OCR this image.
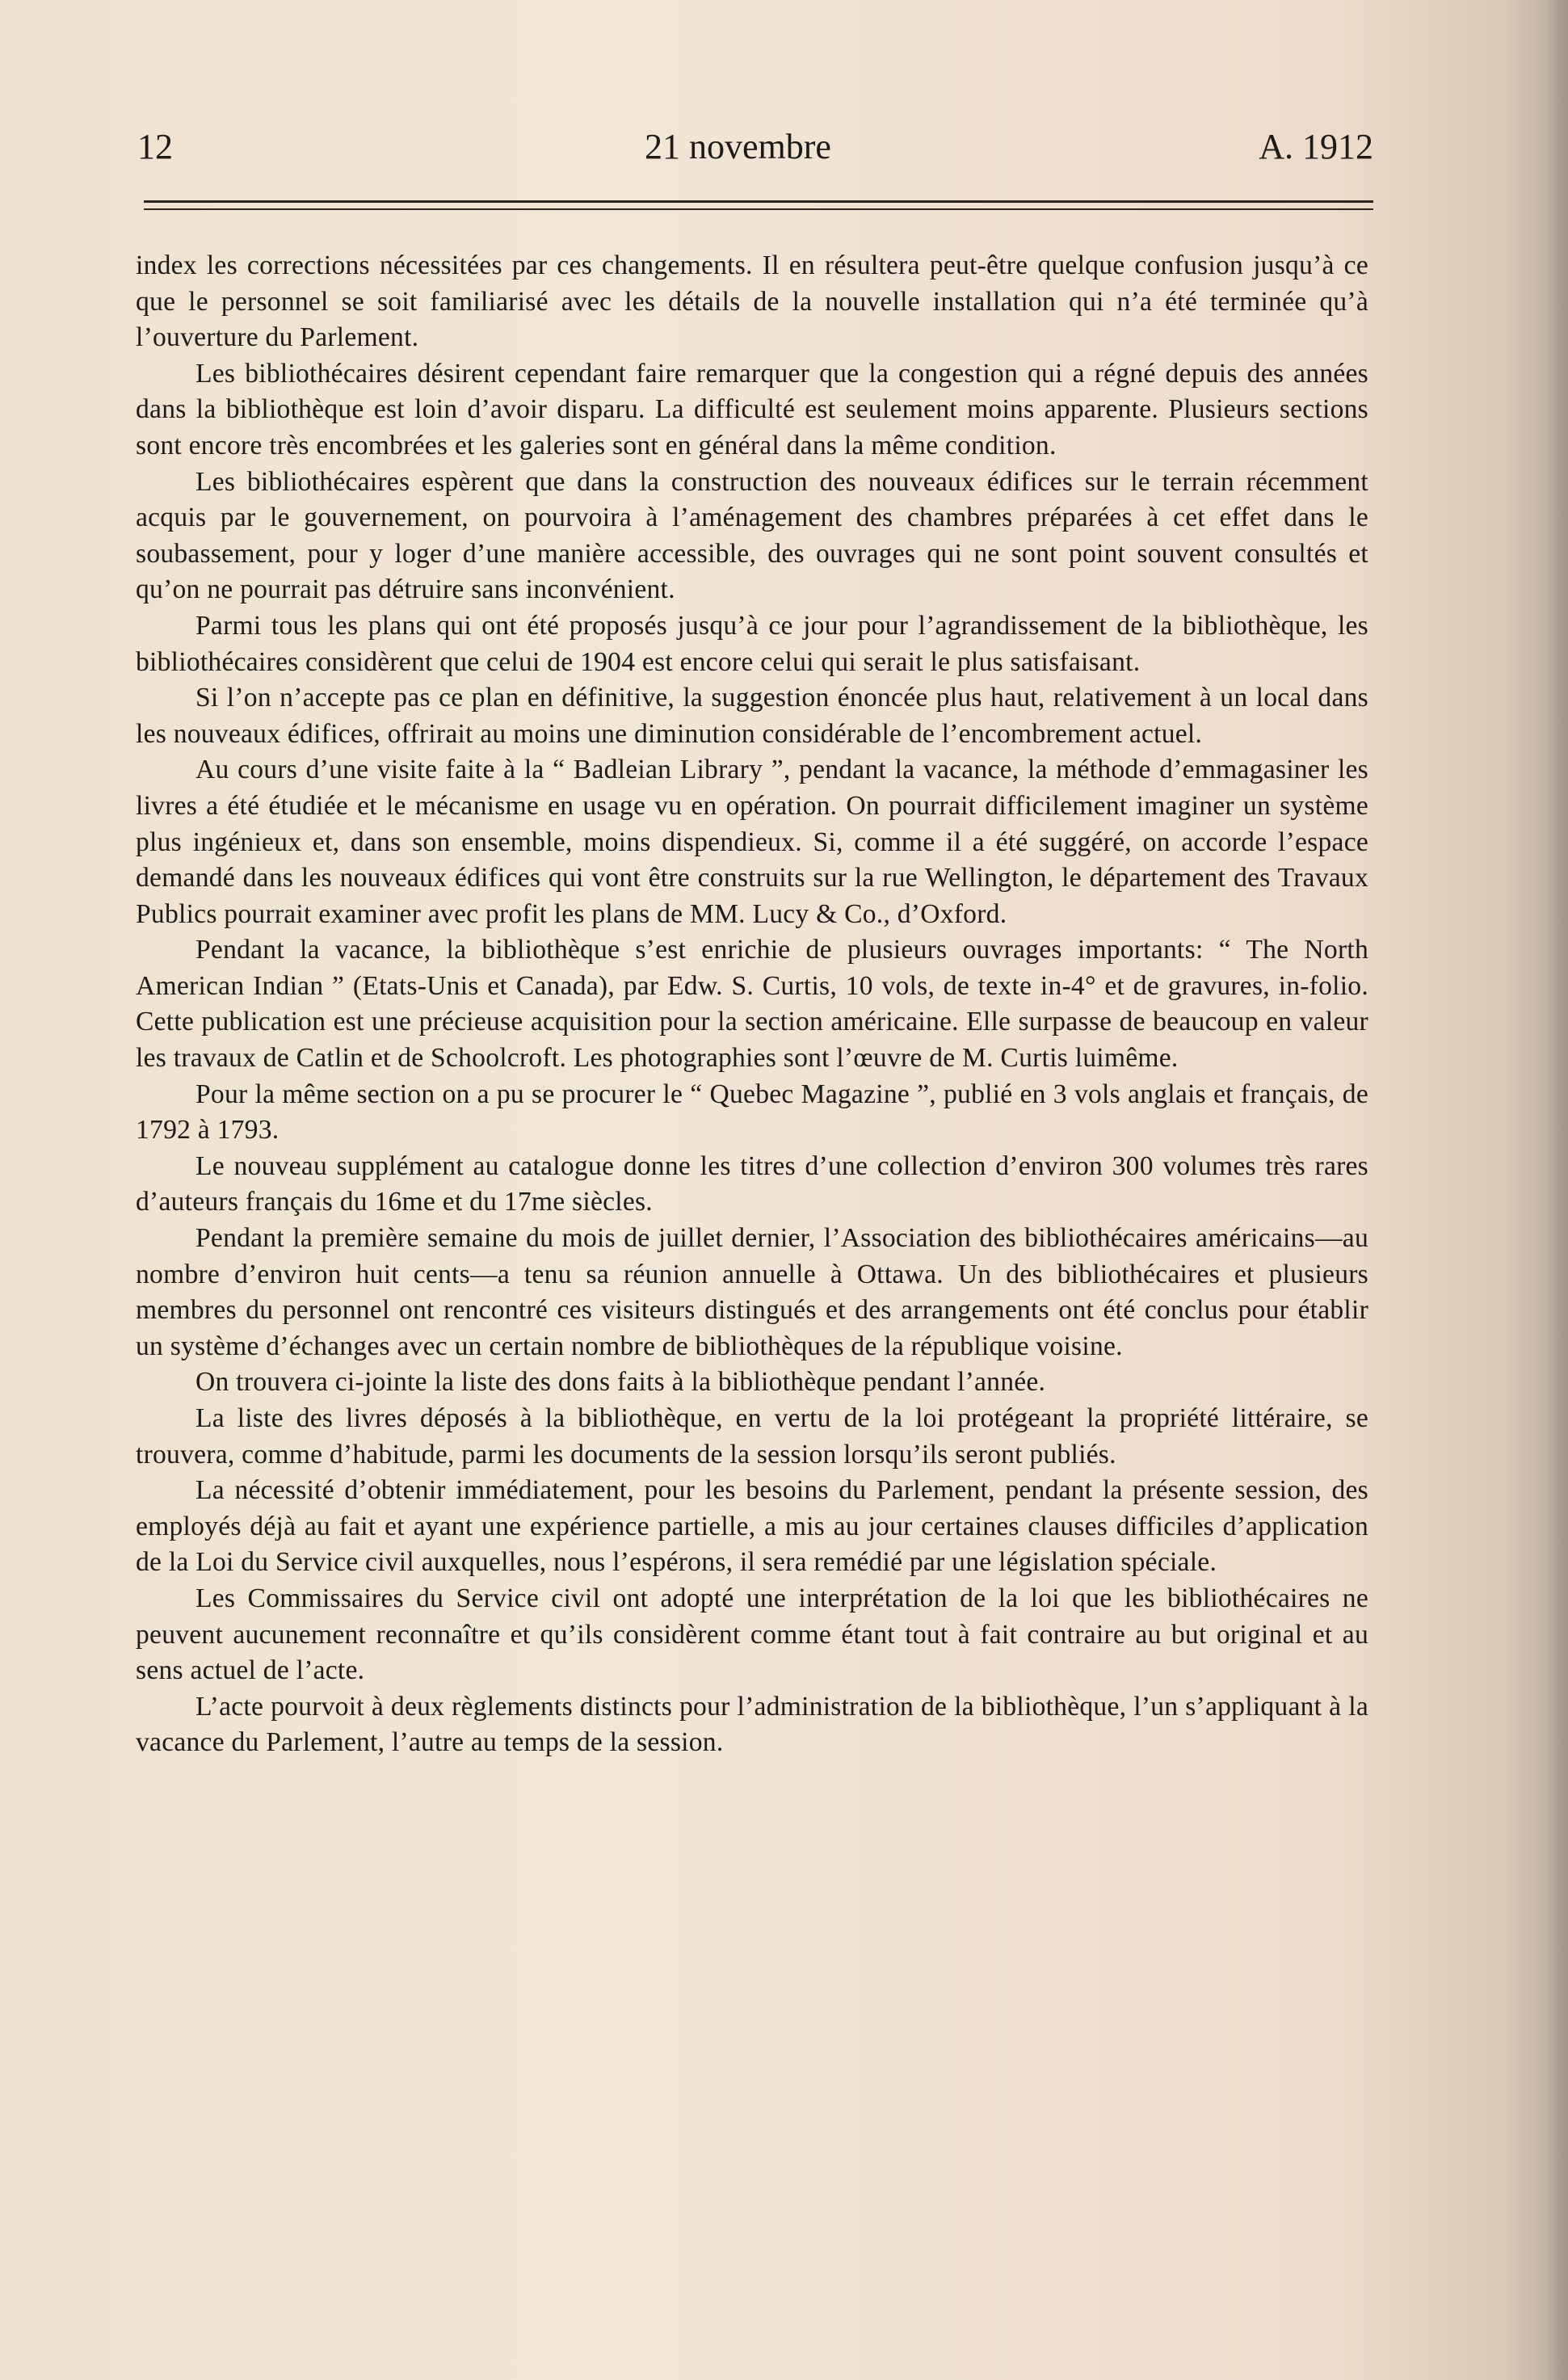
12	21 novembre	A. 1912

index les corrections nécessitées par ces changements. Il en résultera peut-être quelque confusion jusqu’à ce que le personnel se soit familiarisé avec les détails de la nouvelle installation qui n’a été terminée qu’à l’ouverture du Parlement.

Les bibliothécaires désirent cependant faire remarquer que la congestion qui a régné depuis des années dans la bibliothèque est loin d’avoir disparu. La difficulté est seulement moins apparente. Plusieurs sections sont encore très encombrées et les galeries sont en général dans la même condition.

Les bibliothécaires espèrent que dans la construction des nouveaux édifices sur le terrain récemment acquis par le gouvernement, on pourvoira à l’aménagement des chambres préparées à cet effet dans le soubassement, pour y loger d’une manière accessible, des ouvrages qui ne sont point souvent consultés et qu’on ne pourrait pas détruire sans inconvénient.

Parmi tous les plans qui ont été proposés jusqu’à ce jour pour l’agrandissement de la bibliothèque, les bibliothécaires considèrent que celui de 1904 est encore celui qui serait le plus satisfaisant.

Si l’on n’accepte pas ce plan en définitive, la suggestion énoncée plus haut, relativement à un local dans les nouveaux édifices, offrirait au moins une diminution considérable de l’encombrement actuel.

Au cours d’une visite faite à la “ Badleian Library ”, pendant la vacance, la méthode d’emmagasiner les livres a été étudiée et le mécanisme en usage vu en opération. On pourrait difficilement imaginer un système plus ingénieux et, dans son ensemble, moins dispendieux. Si, comme il a été suggéré, on accorde l’espace demandé dans les nouveaux édifices qui vont être construits sur la rue Wellington, le département des Travaux Publics pourrait examiner avec profit les plans de MM. Lucy & Co., d’Oxford.

Pendant la vacance, la bibliothèque s’est enrichie de plusieurs ouvrages importants: “ The North American Indian ” (Etats-Unis et Canada), par Edw. S. Curtis, 10 vols, de texte in-4° et de gravures, in-folio. Cette publication est une précieuse acquisition pour la section américaine. Elle surpasse de beaucoup en valeur les travaux de Catlin et de Schoolcroft. Les photographies sont l’œuvre de M. Curtis luimême.

Pour la même section on a pu se procurer le “ Quebec Magazine ”, publié en 3 vols anglais et français, de 1792 à 1793.

Le nouveau supplément au catalogue donne les titres d’une collection d’environ 300 volumes très rares d’auteurs français du 16me et du 17me siècles.

Pendant la première semaine du mois de juillet dernier, l’Association des bibliothécaires américains—au nombre d’environ huit cents—a tenu sa réunion annuelle à Ottawa. Un des bibliothécaires et plusieurs membres du personnel ont rencontré ces visiteurs distingués et des arrangements ont été conclus pour établir un système d’échanges avec un certain nombre de bibliothèques de la république voisine.

On trouvera ci-jointe la liste des dons faits à la bibliothèque pendant l’année.

La liste des livres déposés à la bibliothèque, en vertu de la loi protégeant la propriété littéraire, se trouvera, comme d’habitude, parmi les documents de la session lorsqu’ils seront publiés.

La nécessité d’obtenir immédiatement, pour les besoins du Parlement, pendant la présente session, des employés déjà au fait et ayant une expérience partielle, a mis au jour certaines clauses difficiles d’application de la Loi du Service civil auxquelles, nous l’espérons, il sera remédié par une législation spéciale.

Les Commissaires du Service civil ont adopté une interprétation de la loi que les bibliothécaires ne peuvent aucunement reconnaître et qu’ils considèrent comme étant tout à fait contraire au but original et au sens actuel de l’acte.

L’acte pourvoit à deux règlements distincts pour l’administration de la bibliothèque, l’un s’appliquant à la vacance du Parlement, l’autre au temps de la session.
